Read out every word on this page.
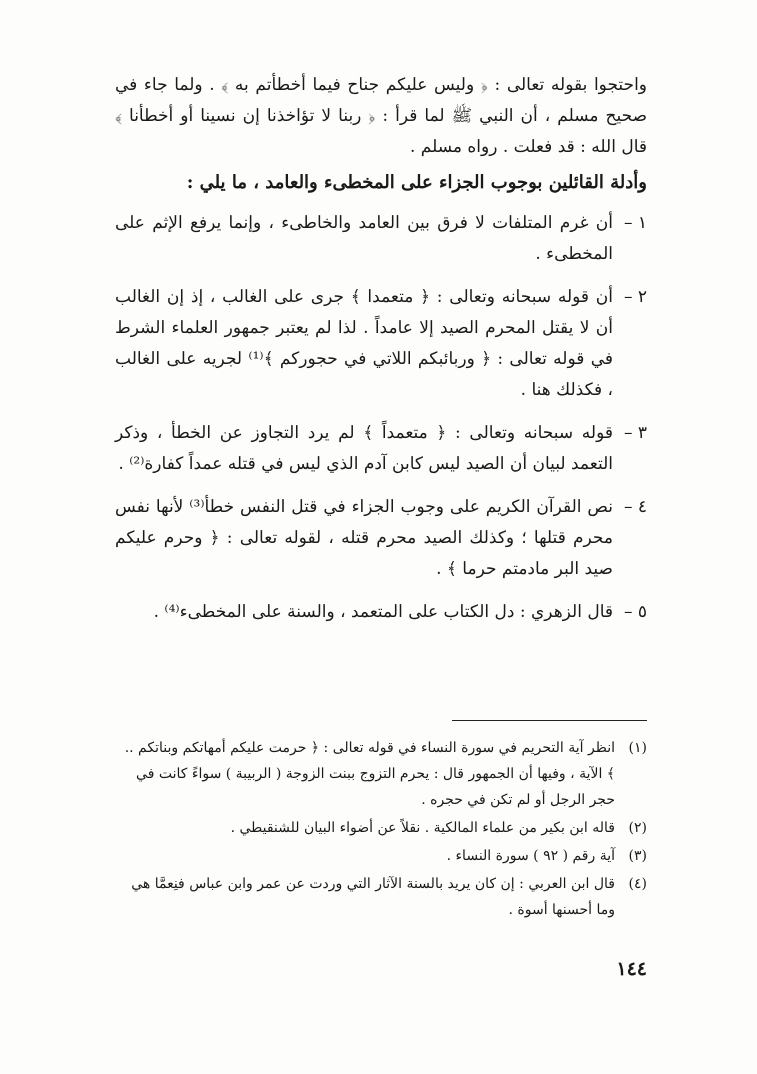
واحتجوا بقوله تعالى : ﴿ وليس عليكم جناح فيما أخطأتم به ﴾ . ولما جاء في صحيح مسلم ، أن النبي ﷺ لما قرأ : ﴿ ربنا لا تؤاخذنا إن نسينا أو أخطأنا ﴾ قال الله : قد فعلت . رواه مسلم .

وأدلة القائلين بوجوب الجزاء على المخطىء والعامد ، ما يلي :

١ –
أن غرم المتلفات لا فرق بين العامد والخاطىء ، وإنما يرفع الإثم على المخطىء .
٢ –
أن قوله سبحانه وتعالى : ﴿ متعمدا ﴾ جرى على الغالب ، إذ إن الغالب أن لا يقتل المحرم الصيد إلا عامداً . لذا لم يعتبر جمهور العلماء الشرط في قوله تعالى : ﴿ وربائبكم اللاتي في حجوركم ﴾⁽¹⁾ لجريه على الغالب ، فكذلك هنا .
٣ –
قوله سبحانه وتعالى : ﴿ متعمداً ﴾ لم يرد التجاوز عن الخطأ ، وذكر التعمد لبيان أن الصيد ليس كابن آدم الذي ليس في قتله عمداً كفارة⁽²⁾ .
٤ –
نص القرآن الكريم على وجوب الجزاء في قتل النفس خطأ⁽³⁾ لأنها نفس محرم قتلها ؛ وكذلك الصيد محرم قتله ، لقوله تعالى : ﴿ وحرم عليكم صيد البر مادمتم حرما ﴾ .
٥ –
قال الزهري : دل الكتاب على المتعمد ، والسنة على المخطىء⁽⁴⁾ .
(١)
انظر آية التحريم في سورة النساء في قوله تعالى : ﴿ حرمت عليكم أمهاتكم وبناتكم .. ﴾ الآية ، وفيها أن الجمهور قال : يحرم التزوج ببنت الزوجة ( الربيبة ) سواءً كانت في حجر الرجل أو لم تكن في حجره .
(٢)
قاله ابن بكير من علماء المالكية . نقلاً عن أضواء البيان للشنقيطي .
(٣)
آية رقم ( ٩٢ ) سورة النساء .
(٤)
قال ابن العربي : إن كان يريد بالسنة الآثار التي وردت عن عمر وابن عباس فنِعمَّا هي وما أحسنها أسوة .
١٤٤
